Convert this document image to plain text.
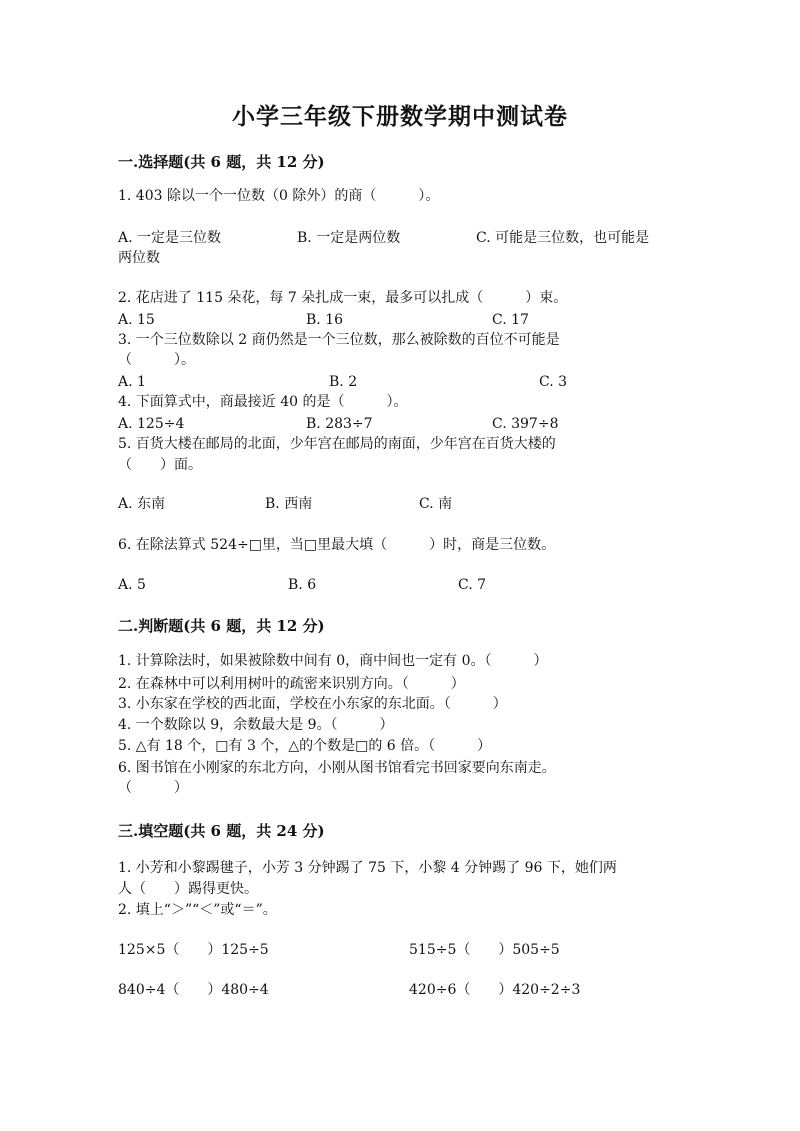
小学三年级下册数学期中测试卷
一.选择题(共 6 题，共 12 分)
1. 403 除以一个一位数（0 除外）的商（　　　）。
A. 一定是三位数	B. 一定是两位数	C. 可能是三位数，也可能是
两位数
2. 花店进了 115 朵花，每 7 朵扎成一束，最多可以扎成（　　　）束。
A. 15	B. 16	C. 17
3. 一个三位数除以 2 商仍然是一个三位数，那么被除数的百位不可能是
（　　　）。
A. 1	B. 2	C. 3
4. 下面算式中，商最接近 40 的是（　　　）。
A. 125÷4	B. 283÷7	C. 397÷8
5. 百货大楼在邮局的北面，少年宫在邮局的南面，少年宫在百货大楼的
（　　）面。
A. 东南	B. 西南	C. 南
6. 在除法算式 524÷□里，当□里最大填（　　　）时，商是三位数。
A. 5	B. 6	C. 7
二.判断题(共 6 题，共 12 分)
1. 计算除法时，如果被除数中间有 0，商中间也一定有 0。（　　　）
2. 在森林中可以利用树叶的疏密来识别方向。（　　　）
3. 小东家在学校的西北面，学校在小东家的东北面。（　　　）
4. 一个数除以 9，余数最大是 9。（　　　）
5. △有 18 个，□有 3 个，△的个数是□的 6 倍。（　　　）
6. 图书馆在小刚家的东北方向，小刚从图书馆看完书回家要向东南走。
（　　　）
三.填空题(共 6 题，共 24 分)
1. 小芳和小黎踢毽子，小芳 3 分钟踢了 75 下，小黎 4 分钟踢了 96 下，她们两
人（　　）踢得更快。
2. 填上“＞”“＜”或“＝”。
125×5（　　）125÷5	515÷5（　　）505÷5
840÷4（　　）480÷4	420÷6（　　）420÷2÷3
